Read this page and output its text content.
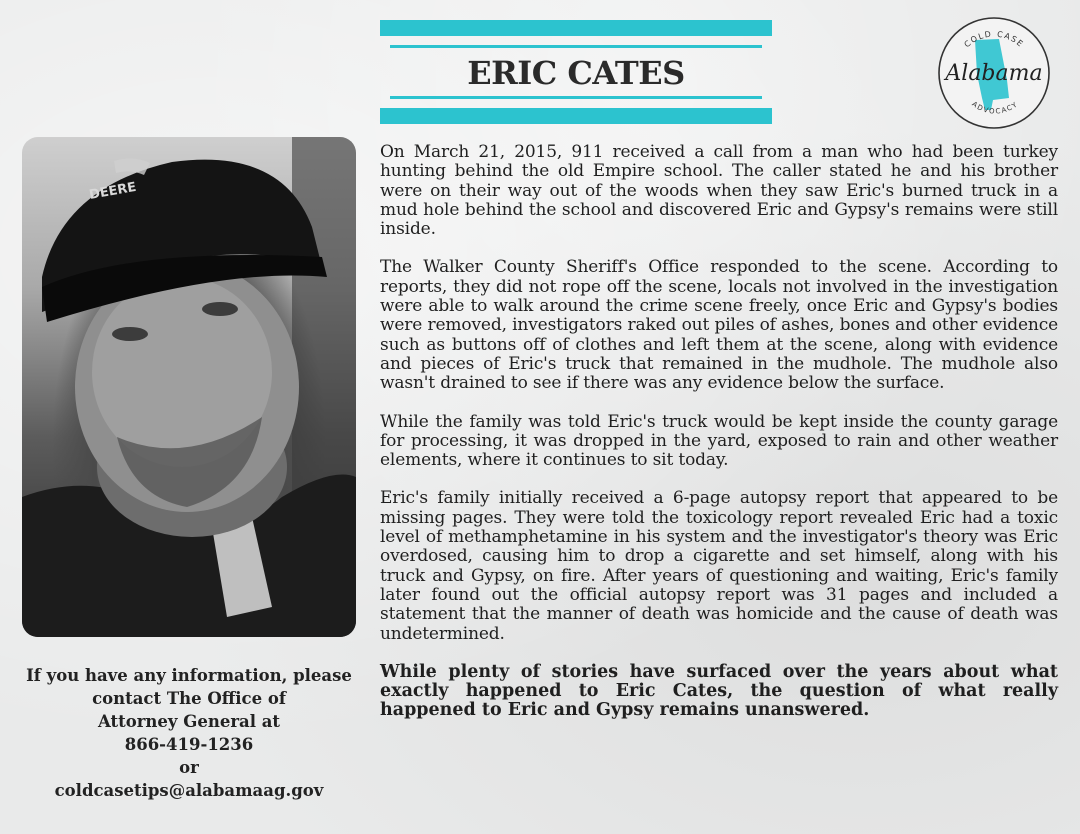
ERIC CATES
COLD CASE
Alabama
ADVOCACY
DEERE
If you have any information, please
contact The Office of
Attorney General at
866-419-1236
or
coldcasetips@alabamaag.gov

On March 21, 2015, 911 received a call from a man who had been turkey hunting behind the old Empire school. The caller stated he and his brother were on their way out of the woods when they saw Eric's burned truck in a mud hole behind the school and discovered Eric and Gypsy's remains were still inside.

The Walker County Sheriff's Office responded to the scene. According to reports, they did not rope off the scene, locals not involved in the investigation were able to walk around the crime scene freely, once Eric and Gypsy's bodies were removed, investigators raked out piles of ashes, bones and other evidence such as buttons off of clothes and left them at the scene, along with evidence and pieces of Eric's truck that remained in the mudhole. The mudhole also wasn't drained to see if there was any evidence below the surface.

While the family was told Eric's truck would be kept inside the county garage for processing, it was dropped in the yard, exposed to rain and other weather elements, where it continues to sit today.

Eric's family initially received a 6-page autopsy report that appeared to be missing pages. They were told the toxicology report revealed Eric had a toxic level of methamphetamine in his system and the investigator's theory was Eric overdosed, causing him to drop a cigarette and set himself, along with his truck and Gypsy, on fire. After years of questioning and waiting, Eric's family later found out the official autopsy report was 31 pages and included a statement that the manner of death was homicide and the cause of death was undetermined.

While plenty of stories have surfaced over the years about what exactly happened to Eric Cates, the question of what really happened to Eric and Gypsy remains unanswered.
